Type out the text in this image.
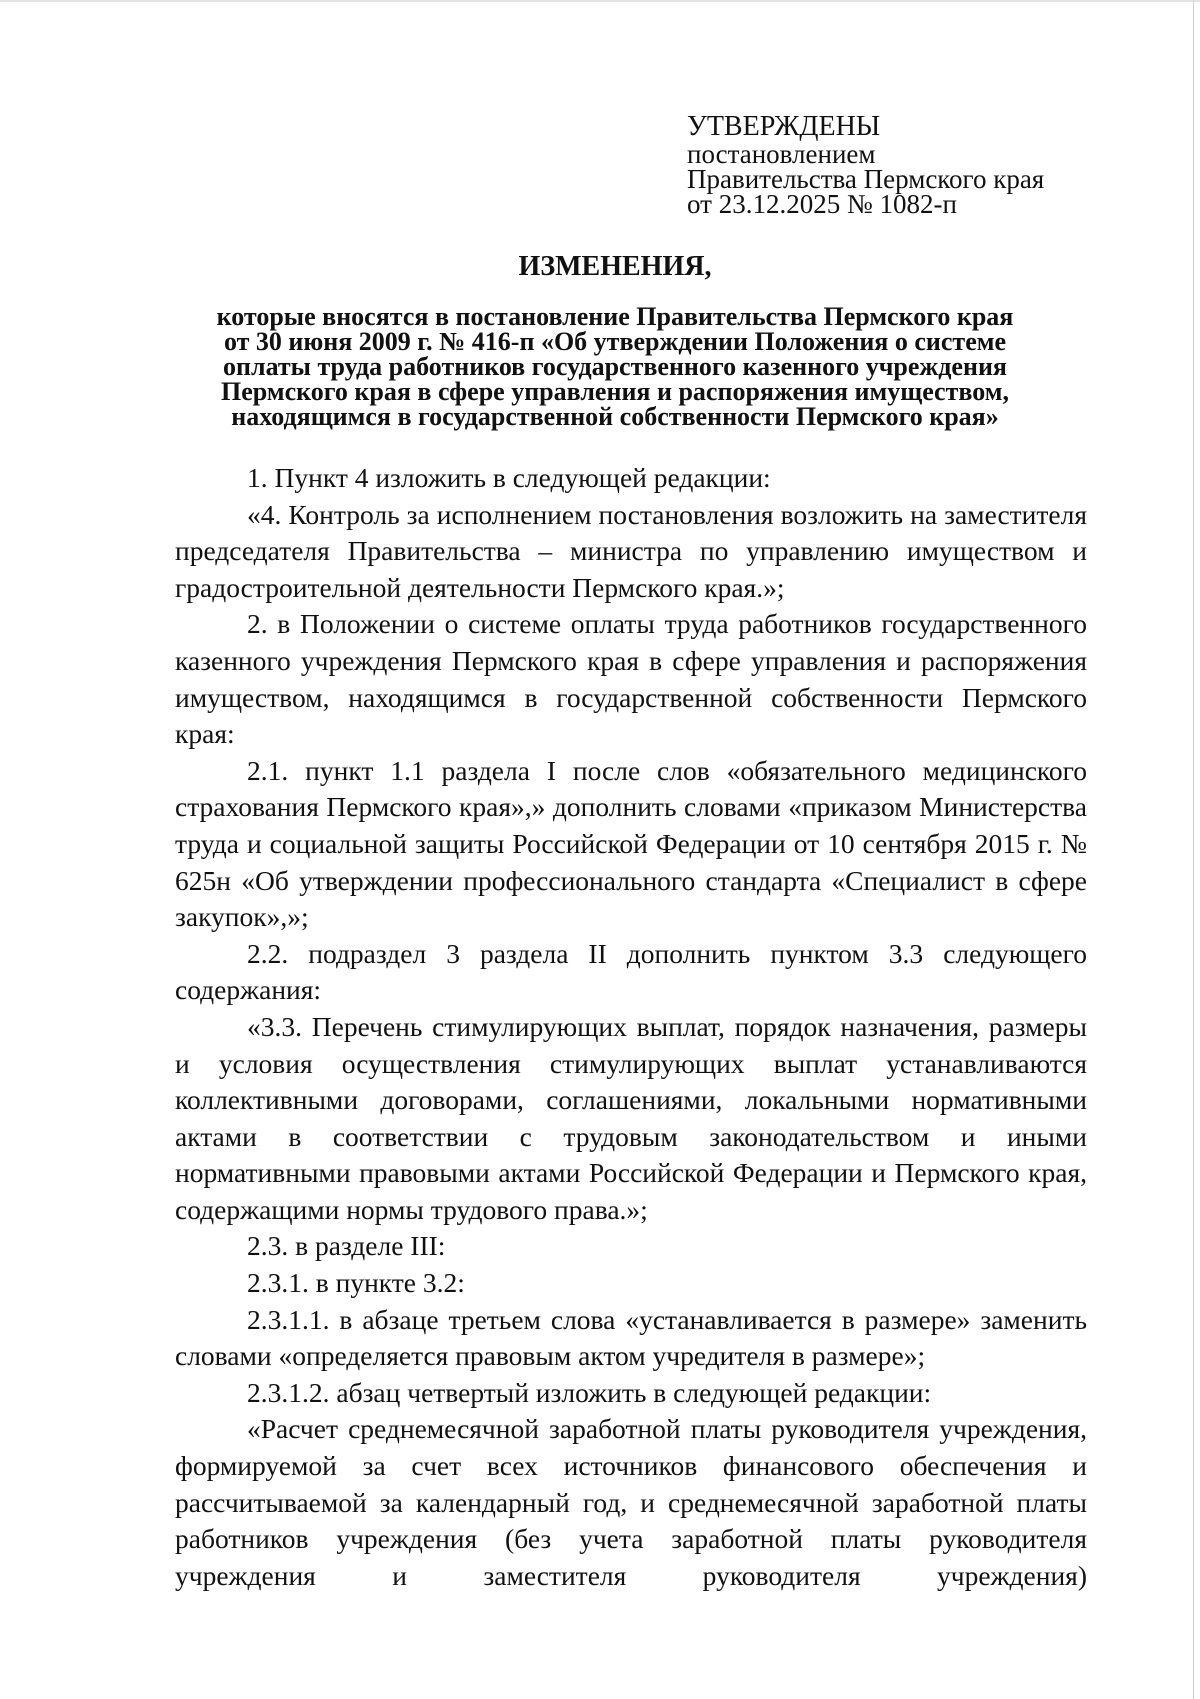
УТВЕРЖДЕНЫ
постановлением
Правительства Пермского края
от 23.12.2025 № 1082-п
ИЗМЕНЕНИЯ,
которые вносятся в постановление Правительства Пермского края
от 30 июня 2009 г. № 416-п «Об утверждении Положения о системе
оплаты труда работников государственного казенного учреждения
Пермского края в сфере управления и распоряжения имуществом,
находящимся в государственной собственности Пермского края»

1. Пункт 4 изложить в следующей редакции:

«4. Контроль за исполнением постановления возложить на заместителя председателя Правительства – министра по управлению имуществом и градостроительной деятельности Пермского края.»;

2. в Положении о системе оплаты труда работников государственного казенного учреждения Пермского края в сфере управления и распоряжения имуществом, находящимся в государственной собственности Пермского края:

2.1. пункт 1.1 раздела I после слов «обязательного медицинского страхования Пермского края»,» дополнить словами «приказом Министерства труда и социальной защиты Российской Федерации от 10 сентября 2015 г. № 625н «Об утверждении профессионального стандарта «Специалист в сфере закупок»,»;

2.2. подраздел 3 раздела II дополнить пунктом 3.3 следующего содержания:

«3.3. Перечень стимулирующих выплат, порядок назначения, размеры и условия осуществления стимулирующих выплат устанавливаются коллективными договорами, соглашениями, локальными нормативными актами в соответствии с трудовым законодательством и иными нормативными правовыми актами Российской Федерации и Пермского края, содержащими нормы трудового права.»;

2.3. в разделе III:

2.3.1. в пункте 3.2:

2.3.1.1. в абзаце третьем слова «устанавливается в размере» заменить словами «определяется правовым актом учредителя в размере»;

2.3.1.2. абзац четвертый изложить в следующей редакции:

«Расчет среднемесячной заработной платы руководителя учреждения, формируемой за счет всех источников финансового обеспечения и рассчитываемой за календарный год, и среднемесячной заработной платы работников учреждения (без учета заработной платы руководителя учреждения и заместителя руководителя учреждения)
